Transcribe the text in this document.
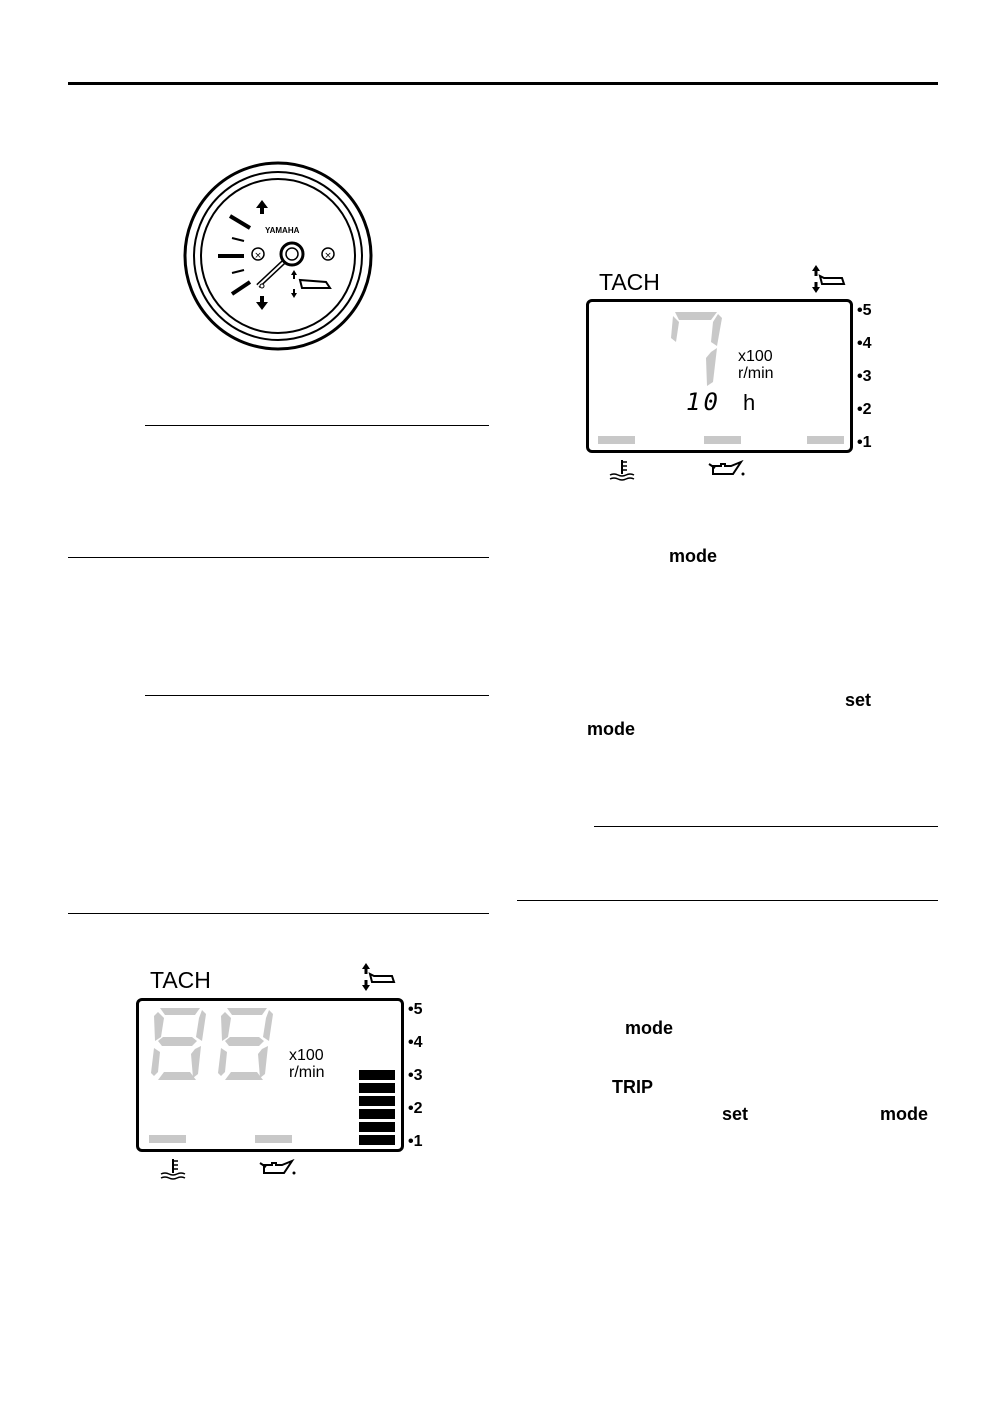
×	×
YAMAHA
TACH
x100
r/min
10 h
•5
•4
•3
•2
•1
mode
set
mode
mode
TRIP
set	mode
TACH
x100
r/min
•5
•4
•3
•2
•1
